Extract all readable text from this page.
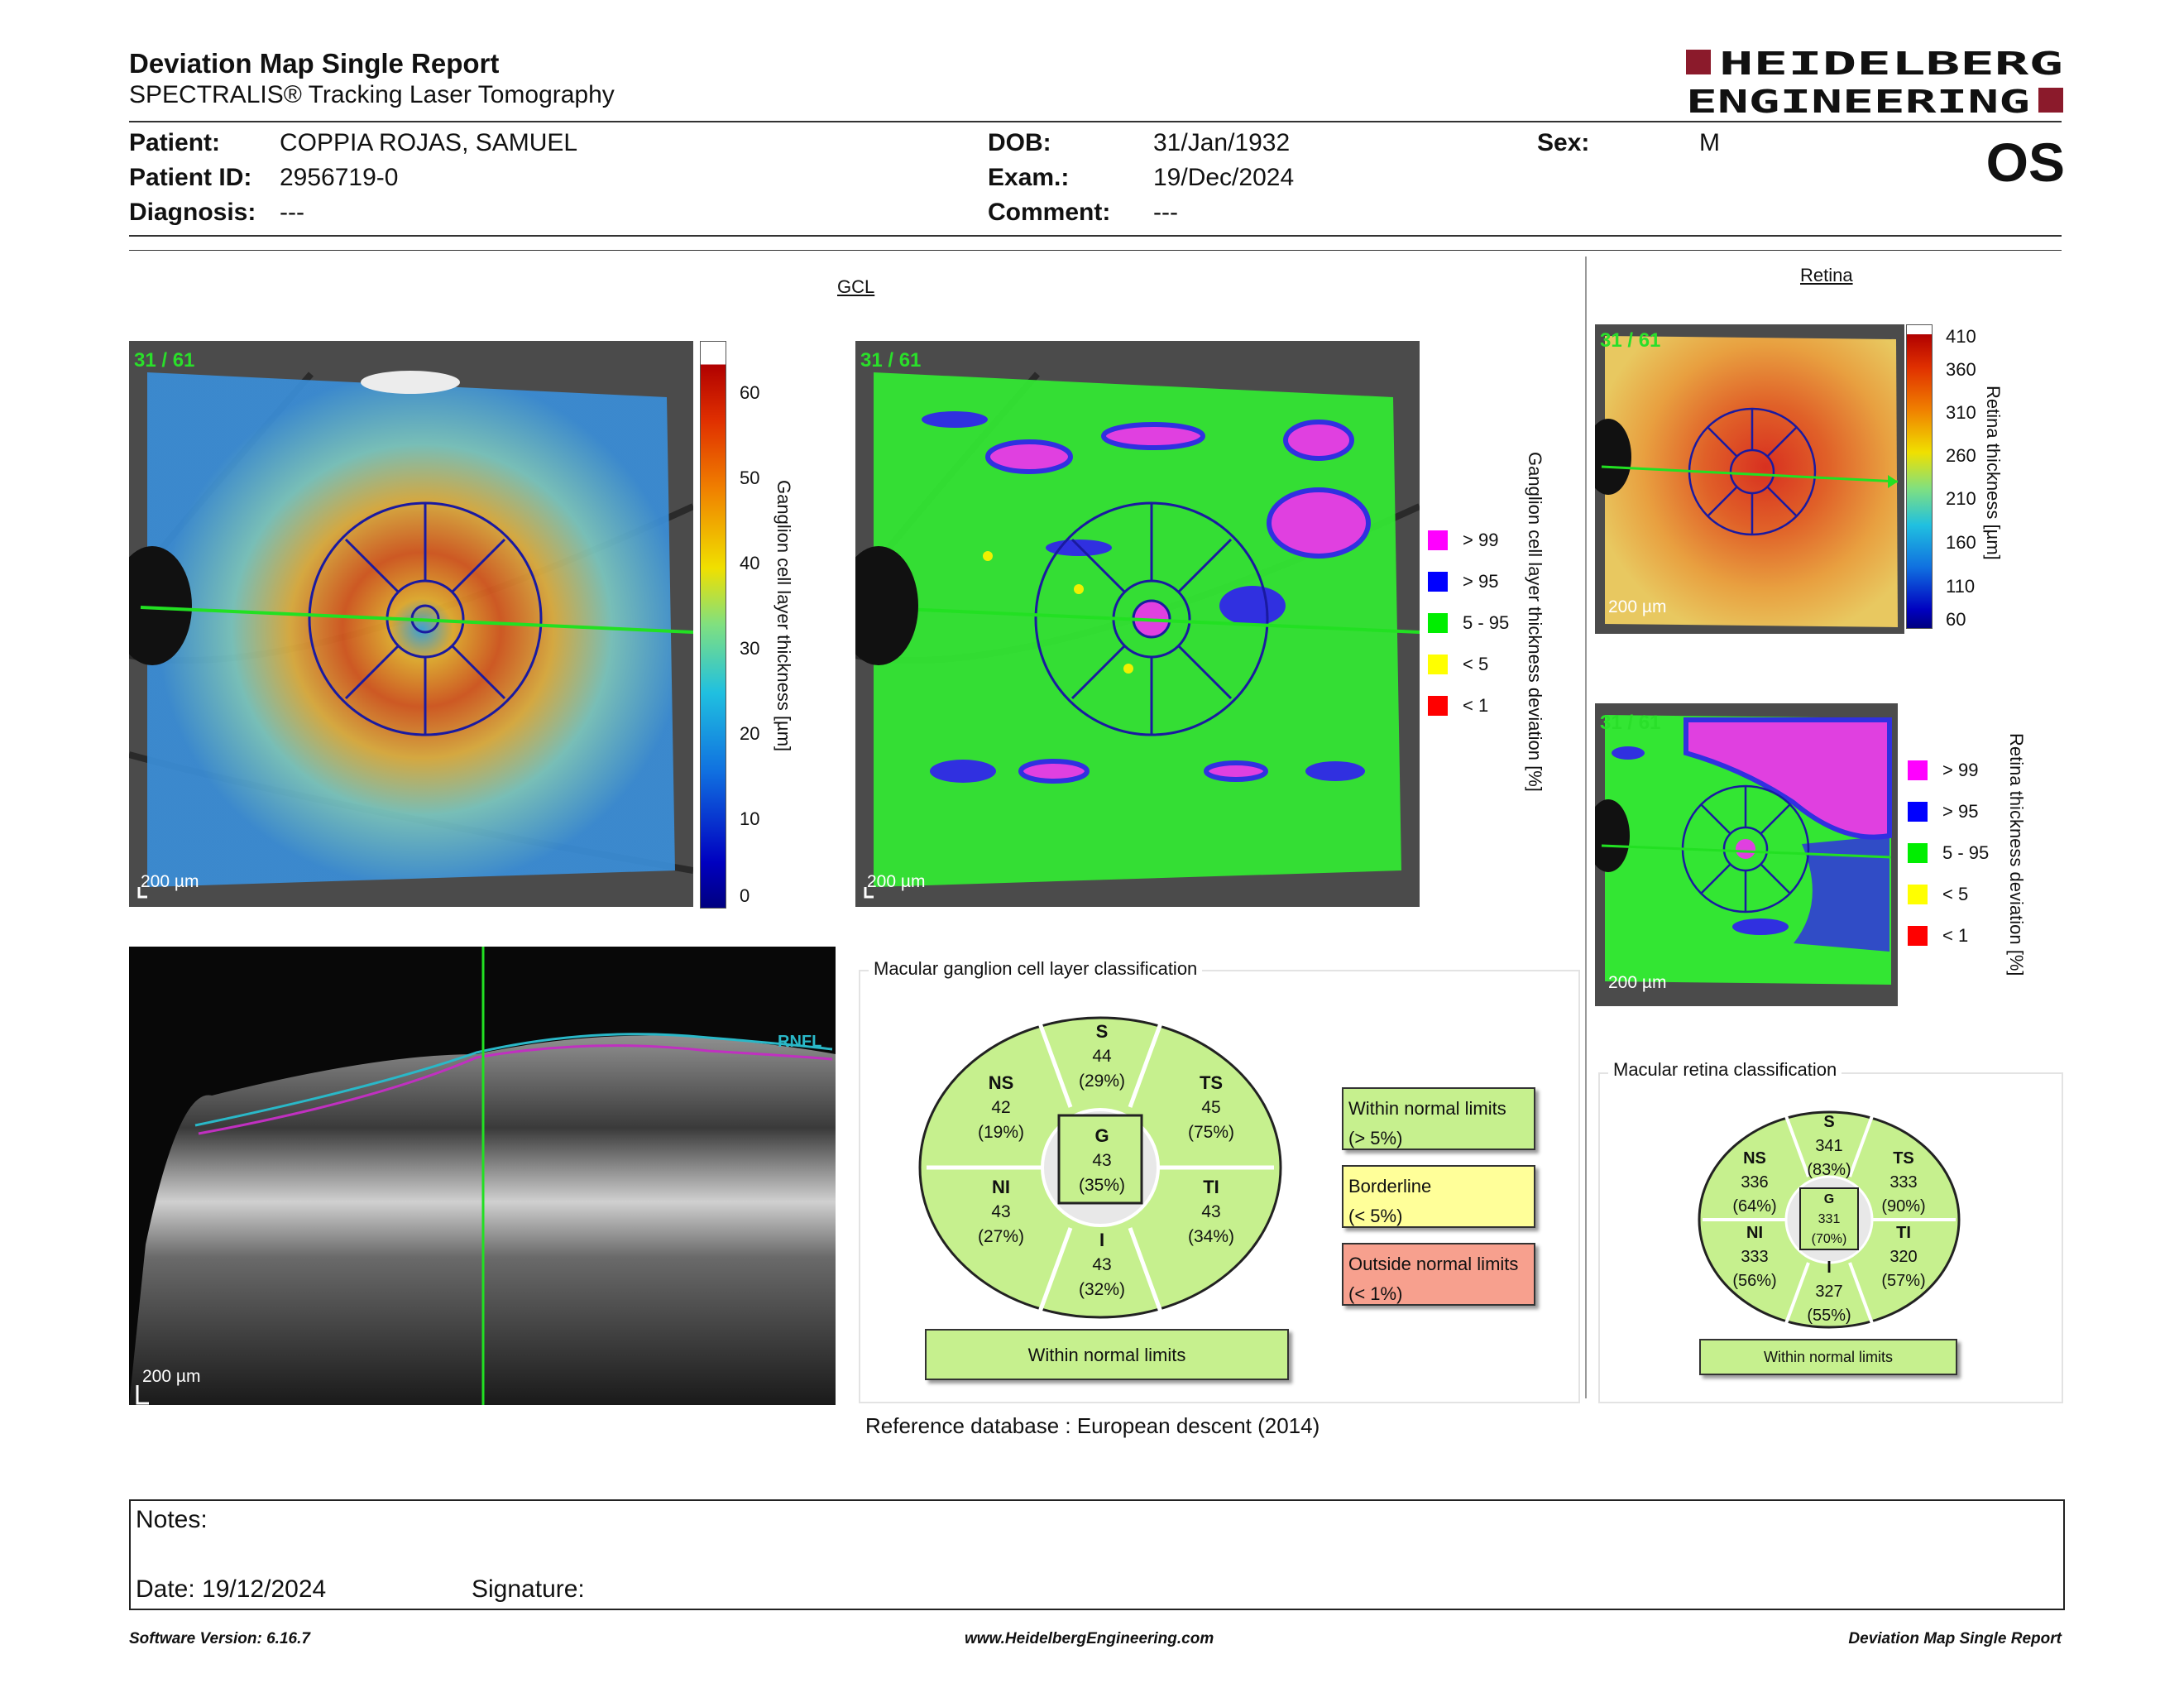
Deviation Map Single Report
SPECTRALIS® Tracking Laser Tomography
HEIDELBERG
ENGINEERING
Patient: COPPIA ROJAS, SAMUEL
Patient ID: 2956719-0
Diagnosis: ---
DOB:	31/Jan/1932
Exam.:	19/Dec/2024
Comment: ---
Sex:	M	OS
GCL
31 / 61
200 µm
60
50
40
30
20
10
0
Ganglion cell layer thickness [µm]
31 / 61
200 µm
> 99
> 95
5 - 95
< 5
< 1 Ganglion cell layer thickness deviation [%]
Retina
31 / 61
200 µm
410
360
310
260
210
160
110
60
Retina thickness [µm]
31 / 61
200 µm
> 99
> 95
5 - 95
< 5
< 1 Retina thickness deviation [%]
RNFL
200 µm
Macular ganglion cell layer classification
S
44
(29%)
NS
42
(19%)
TS
45
(75%)
G
43
(35%)
NI
43
(27%)
TI
43
(34%)
I
43
(32%)
Within normal limits
Within normal limits
(> 5%)
Borderline
(< 5%)
Outside normal limits
(< 1%)
Reference database : European descent (2014)
Macular retina classification
S
341
(83%)
NS
336
(64%)
TS
333
(90%)
G
331
(70%)
NI
333
(56%)
TI
320
(57%)
I
327
(55%)
Within normal limits
Notes:
Date: 19/12/2024	Signature:
Software Version: 6.16.7	www.HeidelbergEngineering.com	Deviation Map Single Report
